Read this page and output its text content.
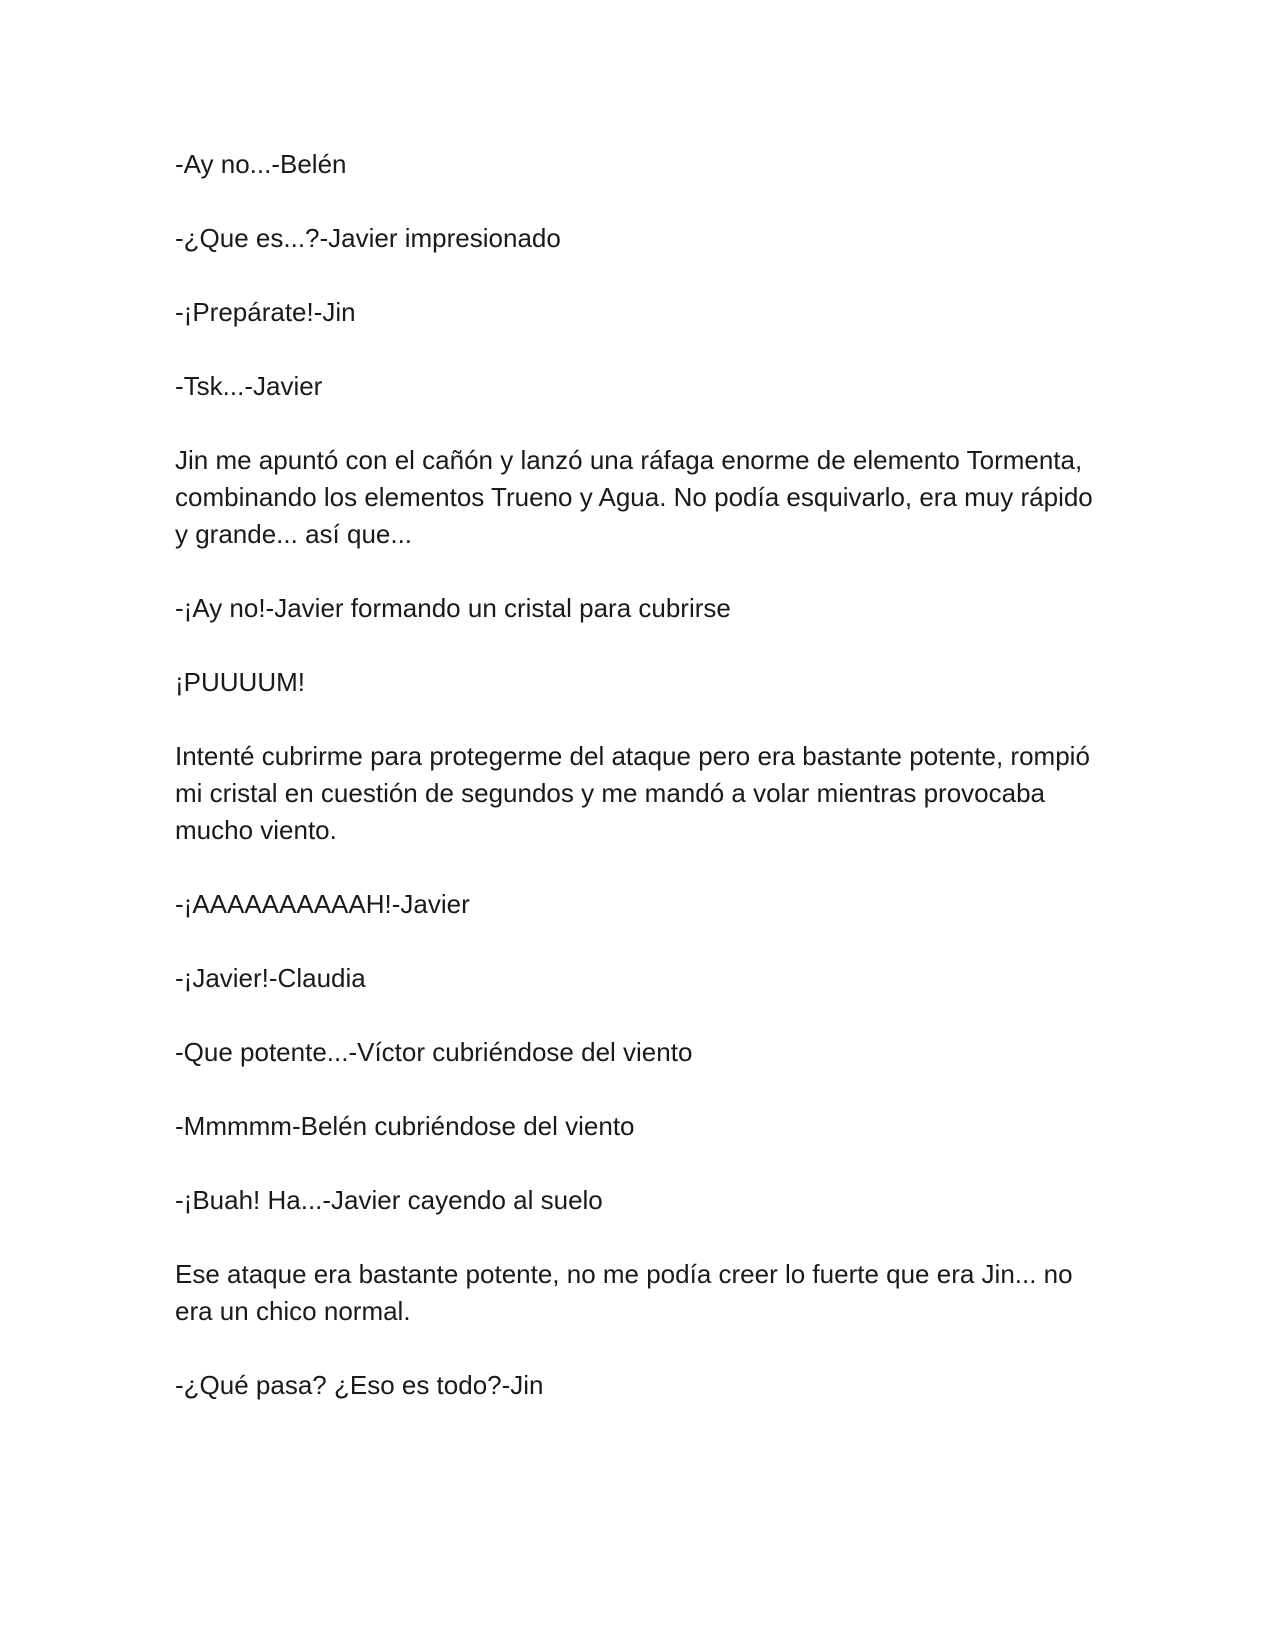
-Ay no...-Belén

-¿Que es...?-Javier impresionado

-¡Prepárate!-Jin

-Tsk...-Javier

Jin me apuntó con el cañón y lanzó una ráfaga enorme de elemento Tormenta, combinando los elementos Trueno y Agua. No podía esquivarlo, era muy rápido y grande... así que...

-¡Ay no!-Javier formando un cristal para cubrirse

¡PUUUUM!

Intenté cubrirme para protegerme del ataque pero era bastante potente, rompió mi cristal en cuestión de segundos y me mandó a volar mientras provocaba mucho viento.

-¡AAAAAAAAAAH!-Javier

-¡Javier!-Claudia

-Que potente...-Víctor cubriéndose del viento

-Mmmmm-Belén cubriéndose del viento

-¡Buah! Ha...-Javier cayendo al suelo

Ese ataque era bastante potente, no me podía creer lo fuerte que era Jin... no era un chico normal.

-¿Qué pasa? ¿Eso es todo?-Jin
